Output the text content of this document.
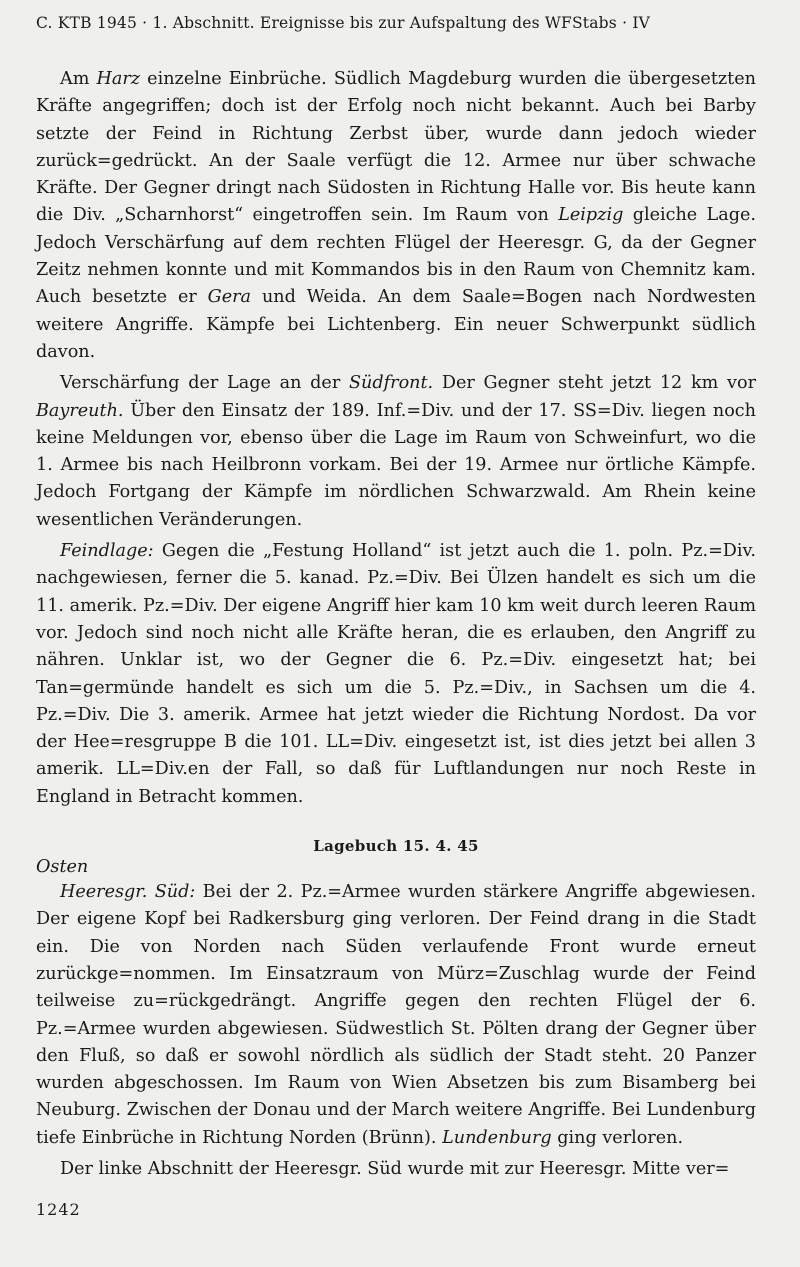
C. KTB 1945 · 1. Abschnitt. Ereignisse bis zur Aufspaltung des WFStabs · IV

Am Harz einzelne Einbrüche. Südlich Magdeburg wurden die übergesetzten Kräfte angegriffen; doch ist der Erfolg noch nicht bekannt. Auch bei Barby setzte der Feind in Richtung Zerbst über, wurde dann jedoch wieder zurück=gedrückt. An der Saale verfügt die 12. Armee nur über schwache Kräfte. Der Gegner dringt nach Südosten in Richtung Halle vor. Bis heute kann die Div. „Scharnhorst“ eingetroffen sein. Im Raum von Leipzig gleiche Lage. Jedoch Verschärfung auf dem rechten Flügel der Heeresgr. G, da der Gegner Zeitz nehmen konnte und mit Kommandos bis in den Raum von Chemnitz kam. Auch besetzte er Gera und Weida. An dem Saale=Bogen nach Nordwesten weitere Angriffe. Kämpfe bei Lichtenberg. Ein neuer Schwerpunkt südlich davon.

Verschärfung der Lage an der Südfront. Der Gegner steht jetzt 12 km vor Bayreuth. Über den Einsatz der 189. Inf.=Div. und der 17. SS=Div. liegen noch keine Meldungen vor, ebenso über die Lage im Raum von Schweinfurt, wo die 1. Armee bis nach Heilbronn vorkam. Bei der 19. Armee nur örtliche Kämpfe. Jedoch Fortgang der Kämpfe im nördlichen Schwarzwald. Am Rhein keine wesentlichen Veränderungen.

Feindlage: Gegen die „Festung Holland“ ist jetzt auch die 1. poln. Pz.=Div. nachgewiesen, ferner die 5. kanad. Pz.=Div. Bei Ülzen handelt es sich um die 11. amerik. Pz.=Div. Der eigene Angriff hier kam 10 km weit durch leeren Raum vor. Jedoch sind noch nicht alle Kräfte heran, die es erlauben, den Angriff zu nähren. Unklar ist, wo der Gegner die 6. Pz.=Div. eingesetzt hat; bei Tan=germünde handelt es sich um die 5. Pz.=Div., in Sachsen um die 4. Pz.=Div. Die 3. amerik. Armee hat jetzt wieder die Richtung Nordost. Da vor der Hee=resgruppe B die 101. LL=Div. eingesetzt ist, ist dies jetzt bei allen 3 amerik. LL=Div.en der Fall, so daß für Luftlandungen nur noch Reste in England in Betracht kommen.

Lagebuch 15. 4. 45
Osten

Heeresgr. Süd: Bei der 2. Pz.=Armee wurden stärkere Angriffe abgewiesen. Der eigene Kopf bei Radkersburg ging verloren. Der Feind drang in die Stadt ein. Die von Norden nach Süden verlaufende Front wurde erneut zurückge=nommen. Im Einsatzraum von Mürz=Zuschlag wurde der Feind teilweise zu=rückgedrängt. Angriffe gegen den rechten Flügel der 6. Pz.=Armee wurden abgewiesen. Südwestlich St. Pölten drang der Gegner über den Fluß, so daß er sowohl nördlich als südlich der Stadt steht. 20 Panzer wurden abgeschossen. Im Raum von Wien Absetzen bis zum Bisamberg bei Neuburg. Zwischen der Donau und der March weitere Angriffe. Bei Lundenburg tiefe Einbrüche in Richtung Norden (Brünn). Lundenburg ging verloren.

Der linke Abschnitt der Heeresgr. Süd wurde mit zur Heeresgr. Mitte ver=

1242
